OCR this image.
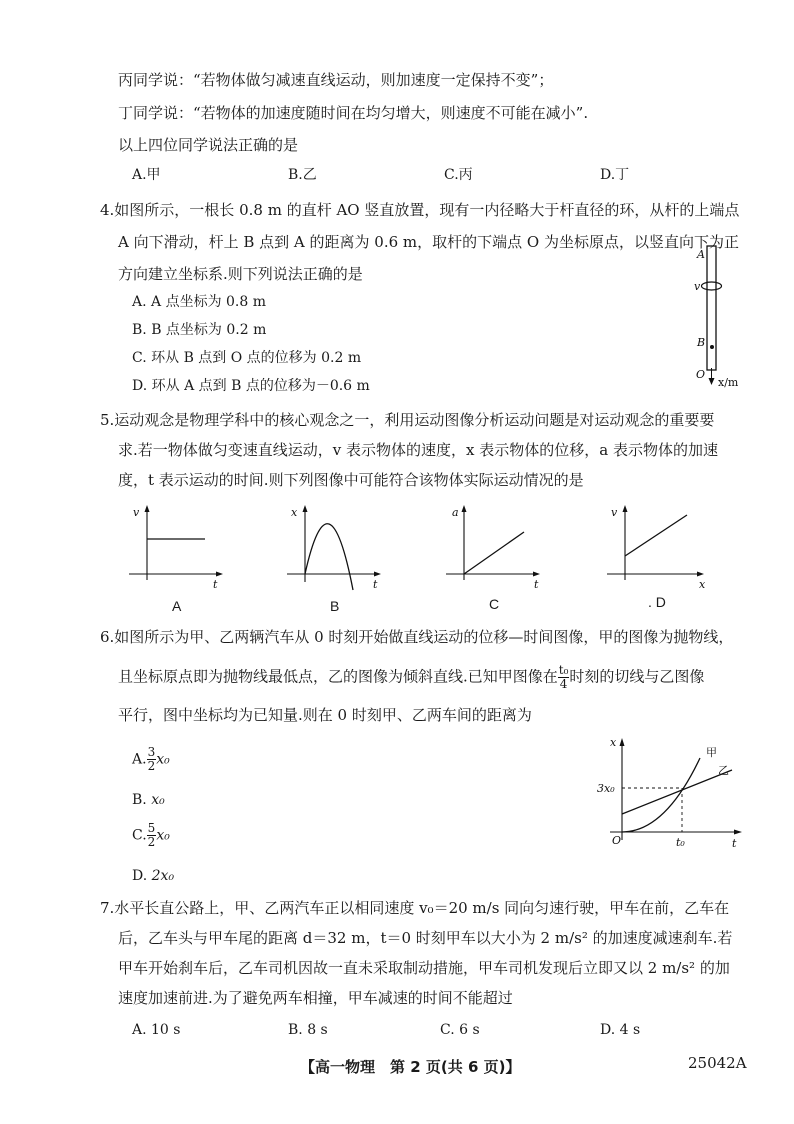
丙同学说：“若物体做匀减速直线运动，则加速度一定保持不变”；
丁同学说：“若物体的加速度随时间在均匀增大，则速度不可能在减小”.
以上四位同学说法正确的是
A.甲	B.乙	C.丙	D.丁
4.如图所示，一根长 0.8 m 的直杆 AO 竖直放置，现有一内径略大于杆直径的环，从杆的上端点
A 向下滑动，杆上 B 点到 A 的距离为 0.6 m，取杆的下端点 O 为坐标原点，以竖直向下为正
方向建立坐标系.则下列说法正确的是
A. A 点坐标为 0.8 m
B. B 点坐标为 0.2 m
C. 环从 B 点到 O 点的位移为 0.2 m
D. 环从 A 点到 B 点的位移为－0.6 m
A
v
B
O
x/m
5.运动观念是物理学科中的核心观念之一，利用运动图像分析运动问题是对运动观念的重要要
求.若一物体做匀变速直线运动，v 表示物体的速度，x 表示物体的位移，a 表示物体的加速
度，t 表示运动的时间.则下列图像中可能符合该物体实际运动情况的是
v
t
A
x
t
B
a
t
C
v
x
. D
6.如图所示为甲、乙两辆汽车从 0 时刻开始做直线运动的位移—时间图像，甲的图像为抛物线，
且坐标原点即为抛物线最低点，乙的图像为倾斜直线.已知甲图像在 $\frac{\text{t₀}}{4}$ 时刻的切线与乙图像
平行，图中坐标均为已知量.则在 0 时刻甲、乙两车间的距离为
A. $\frac{3}{2} x_0$
B. x₀
C. $\frac{5}{2} x_0$
D. 2x₀
x
t
O
3x₀
t₀
甲
乙
7.水平长直公路上，甲、乙两汽车正以相同速度 v₀＝20 m/s 同向匀速行驶，甲车在前，乙车在
后，乙车头与甲车尾的距离 d＝32 m，t＝0 时刻甲车以大小为 2 m/s² 的加速度减速刹车.若
甲车开始刹车后，乙车司机因故一直未采取制动措施，甲车司机发现后立即又以 2 m/s² 的加
速度加速前进.为了避免两车相撞，甲车减速的时间不能超过
A. 10 s	B. 8 s	C. 6 s	D. 4 s
【高一物理　第 2 页(共 6 页)】	25042A
